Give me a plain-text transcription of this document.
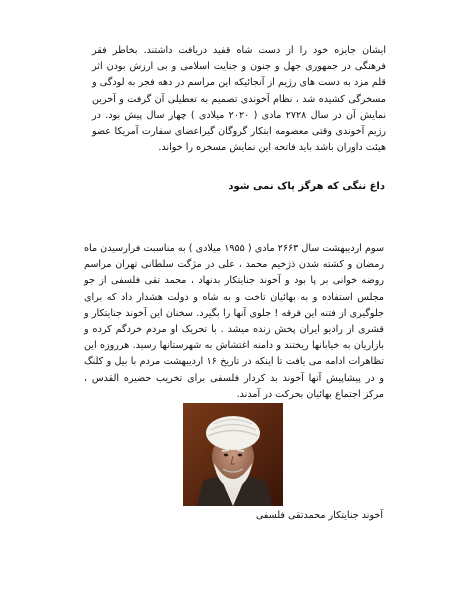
ایشان جایزه خود را از دست شاه قفید دریافت داشتند. بخاطر فقر فرهنگی در جمهوری جهل و جنون و جنایت اسلامی و بی ارزش بودن اثر قلم مزد به دست های رژیم از آنجائیکه این مراسم در دهه فجر به لودگی و مسخرگی کشیده شد ، نظام آخوندی تصمیم به تعطیلی آن گرفت و آخرین نمایش آن در سال ۲۷۲۸ مادی ( ۲۰۲۰ میلادی ) چهار سال پیش بود. در رژیم آخوندی وقتی معصومه ابتکار گروگان گیراعضای سفارت آمریکا عضو هیئت داوران باشد باید فاتحه این نمایش مسخره را خواند.

داغ ننگی که هرگز پاک نمی شود

سوم اردیبهشت سال ۲۶۶۳ مادی ( ۱۹۵۵ میلادی ) به مناسبت فرارسیدن ماه رمضان و کشته شدن ذژخیم محمد ، علی در مژگت سلطانی تهران مراسم روضه خوانی بر پا بود و آخوند جنایتکار بدنهاد ، محمد تقی فلسفی از جو مجلس استفاده و به بهائیان تاخت و به شاه و دولت هشدار داد که برای جلوگیری از فتنه این فرقه ! جلوی آنها را بگیرد. سخنان این آخوند جنایتکار و قشری از رادیو ایران پخش زنده میشد . با تحریک او مردم خردگم کرده و بازاریان به خیابانها ریختند و دامنه اغتشاش به شهرستانها رسید. هرروزه این تظاهرات ادامه می یافت تا اینکه در تاریخ ۱۶ اردیبهشت مردم با بیل و کلنگ و در پیشاپیش آنها آخوند بد کردار فلسفی برای تخریب حضیره القدس ، مرکز اجتماع بهائیان بحرکت در آمدند.

آخوند جنایتکار محمدتقی فلسفی
